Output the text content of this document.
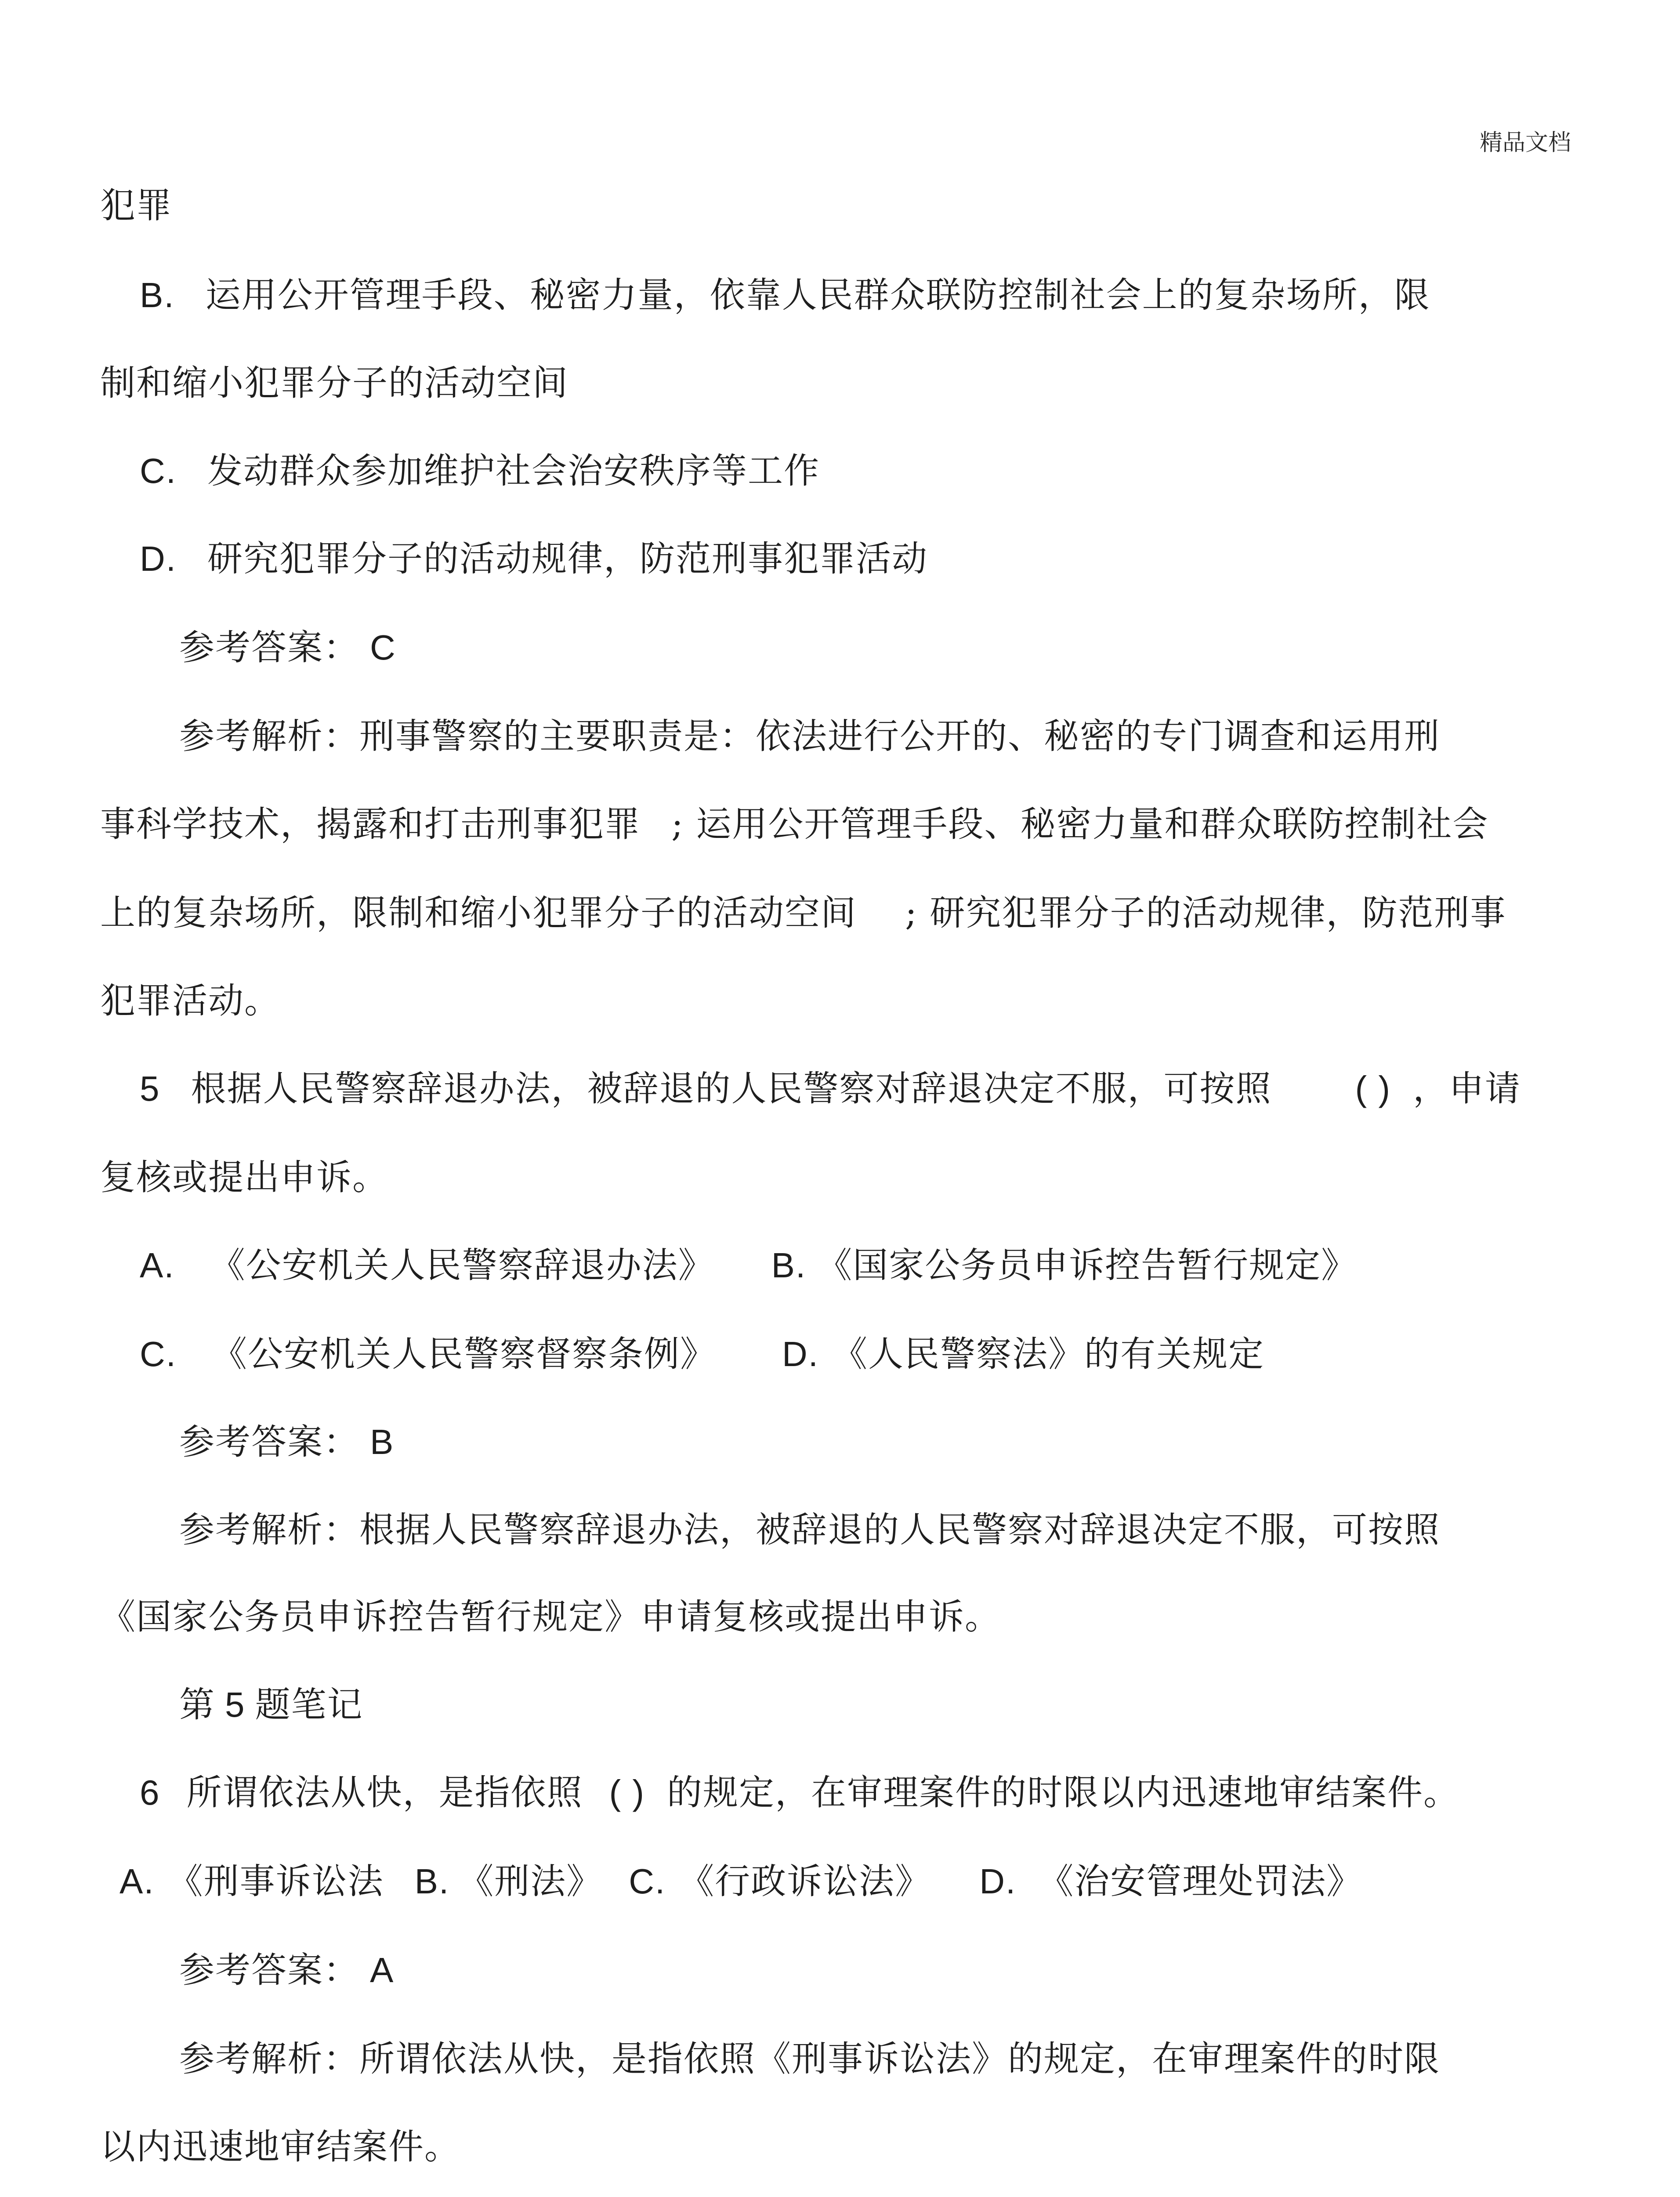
精品文档
犯罪
B. 运用公开管理手段、秘密力量，依靠人民群众联防控制社会上的复杂场所，限
制和缩小犯罪分子的活动空间
C. 发动群众参加维护社会治安秩序等工作
D. 研究犯罪分子的活动规律，防范刑事犯罪活动
参考答案： C
参考解析：刑事警察的主要职责是：依法进行公开的、秘密的专门调查和运用刑
事科学技术，揭露和打击刑事犯罪 ; 运用公开管理手段、秘密力量和群众联防控制社会
上的复杂场所，限制和缩小犯罪分子的活动空间 ; 研究犯罪分子的活动规律，防范刑事
犯罪活动。
5 根据人民警察辞退办法，被辞退的人民警察对辞退决定不服，可按照 ( ) ，申请
复核或提出申诉。
A. 《公安机关人民警察辞退办法》 B. 《国家公务员申诉控告暂行规定》
C. 《公安机关人民警察督察条例》 D. 《人民警察法》的有关规定
参考答案： B
参考解析：根据人民警察辞退办法，被辞退的人民警察对辞退决定不服，可按照
《国家公务员申诉控告暂行规定》申请复核或提出申诉。
第 5 题笔记
6 所谓依法从快，是指依照 ( ) 的规定，在审理案件的时限以内迅速地审结案件。
A. 《刑事诉讼法 B. 《刑法》 C. 《行政诉讼法》 D. 《治安管理处罚法》
参考答案： A
参考解析：所谓依法从快，是指依照《刑事诉讼法》的规定，在审理案件的时限
以内迅速地审结案件。
